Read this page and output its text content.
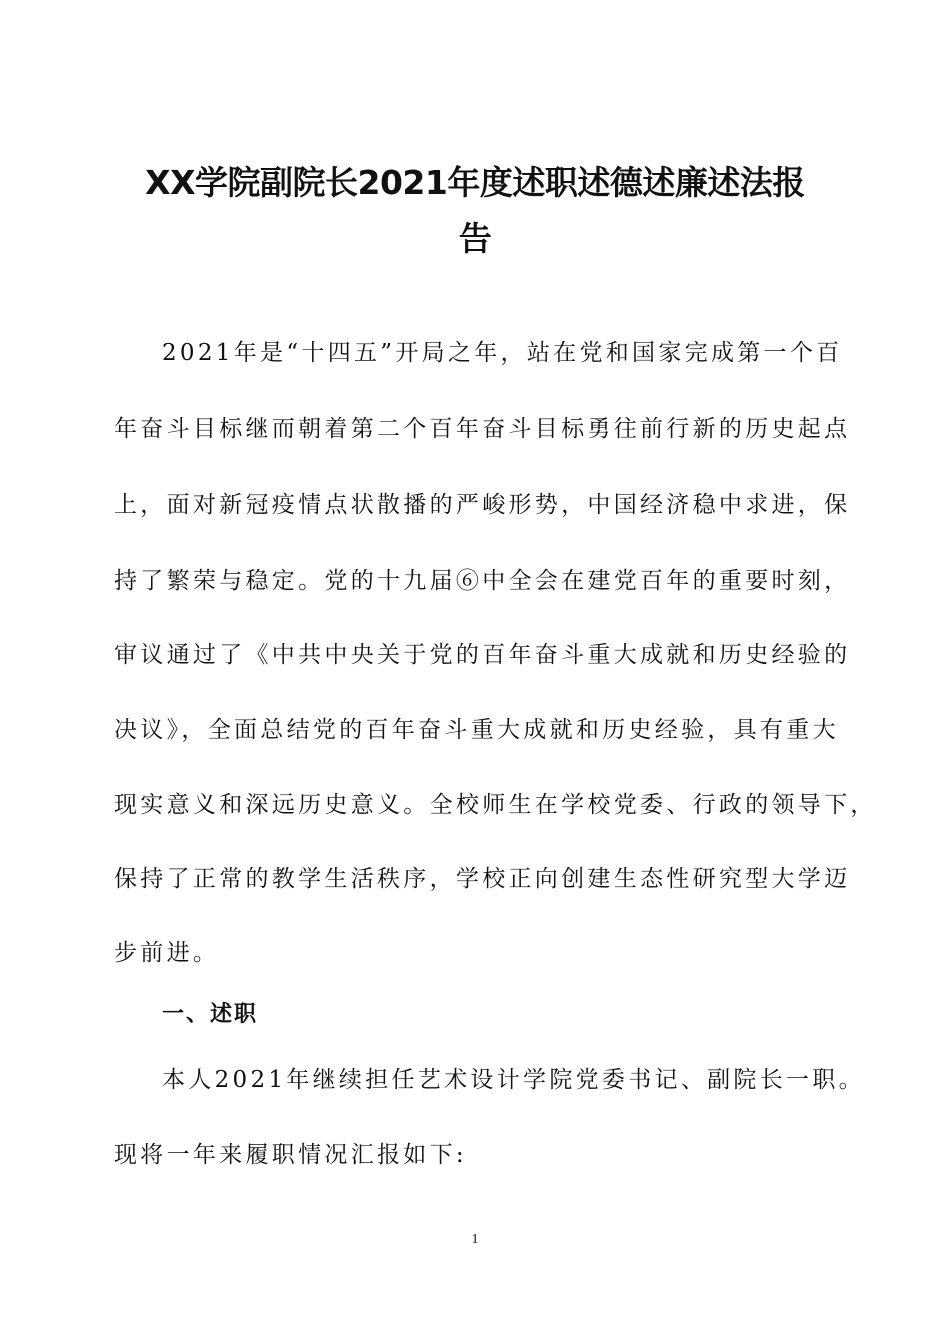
XX学院副院长2021年度述职述德述廉述法报
告
2021年是“十四五”开局之年，站在党和国家完成第一个百
年奋斗目标继而朝着第二个百年奋斗目标勇往前行新的历史起点
上，面对新冠疫情点状散播的严峻形势，中国经济稳中求进，保
持了繁荣与稳定。党的十九届⑥中全会在建党百年的重要时刻，
审议通过了《中共中央关于党的百年奋斗重大成就和历史经验的
决议》，全面总结党的百年奋斗重大成就和历史经验，具有重大
现实意义和深远历史意义。全校师生在学校党委、行政的领导下，
保持了正常的教学生活秩序，学校正向创建生态性研究型大学迈
步前进。
一、述职
本人2021年继续担任艺术设计学院党委书记、副院长一职。
现将一年来履职情况汇报如下:
1
